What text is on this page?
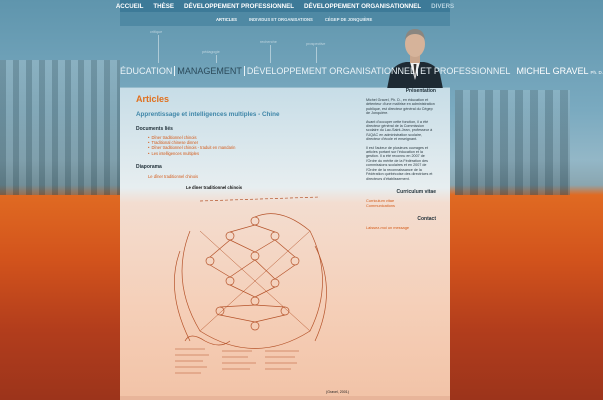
ACCUEIL THÈSE DÉVELOPPEMENT PROFESSIONNEL DÉVELOPPEMENT ORGANISATIONNEL DIVERS
ARTICLES	INDIVIDUS ET ORGANISATIONS	CÉGEP DE JONQUIÈRE
critique
pédagogie
recherche	prospective
ÉDUCATION MANAGEMENT DÉVELOPPEMENT ORGANISATIONNEL ET PROFESSIONNEL MICHEL GRAVEL Ph. D.
Articles
Apprentissage et intelligences multiples - Chine
Documents liés
• Dîner traditionnel chinois
• Traditional chinese dinner
• Dîner traditionnel chinois - traduit en mandarin
• Les intelligences multiples
Diaporama
Le dîner traditionnel chinois
Le dîner traditionnel chinois
(Gravel, 2001)
Présentation
Michel Gravel, Ph. D., en éducation et détenteur d'une maîtrise en administration publique, est directeur général du Cégep de Jonquière.
Avant d'occuper cette fonction, il a été directeur général de la Commission scolaire du Lac-Saint-Jean, professeur à l'UQAC en administration scolaire, directeur d'école et enseignant.
Il est l'auteur de plusieurs ouvrages et articles portant sur l'éducation et la gestion. Il a été reconnu en 2007 de l'Ordre du mérite de la Fédération des commissions scolaires et en 2007 de l'Ordre de la reconnaissance de la Fédération québécoise des directrices et directeurs d'établissement.
Curriculum vitae
Curriculum vitae
Communications
Contact
Laissez-moi un message
